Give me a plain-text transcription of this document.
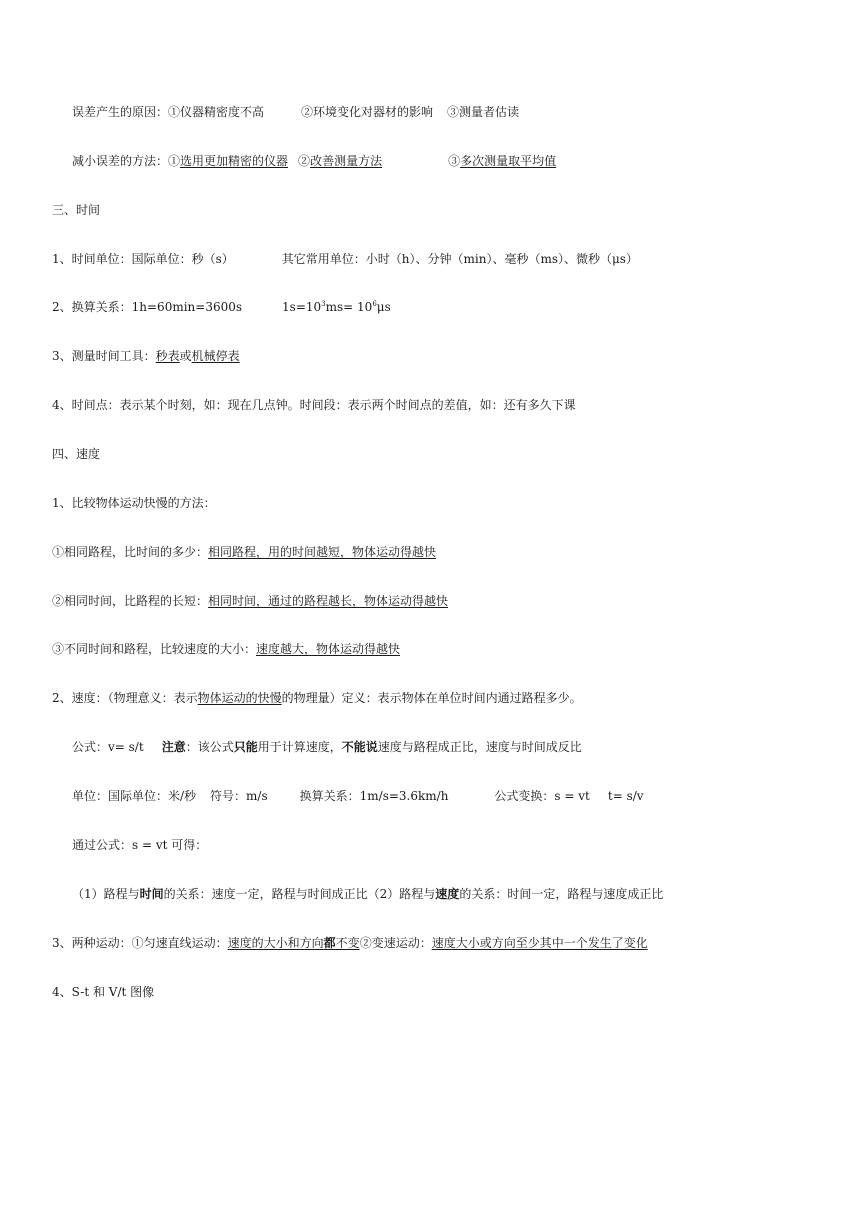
误差产生的原因：①仪器精密度不高	②环境变化对器材的影响 ③测量者估读
减小误差的方法：①选用更加精密的仪器 ②改善测量方法	③多次测量取平均值
三、时间
1、时间单位：国际单位：秒（s）	其它常用单位：小时（h）、分钟（min）、毫秒（ms）、微秒（μs）
2、换算关系：1h=60min=3600s	$1s=10^3ms= 10^6\mu s$
3、测量时间工具：秒表或机械停表
4、时间点：表示某个时刻，如：现在几点钟。时间段：表示两个时间点的差值，如：还有多久下课
四、速度
1、比较物体运动快慢的方法：
①相同路程，比时间的多少：相同路程，用的时间越短，物体运动得越快
②相同时间，比路程的长短：相同时间，通过的路程越长，物体运动得越快
③不同时间和路程，比较速度的大小：速度越大，物体运动得越快
2、速度：（物理意义：表示物体运动的快慢的物理量）定义：表示物体在单位时间内通过路程多少。
公式：v= s/t 注意：该公式只能用于计算速度，不能说速度与路程成正比，速度与时间成反比
单位：国际单位：米/秒 符号：m/s	换算关系：1m/s=3.6km/h	公式变换：s = vt t= s/v
通过公式：s = vt 可得：
（1）路程与时间的关系：速度一定，路程与时间成正比（2）路程与速度的关系：时间一定，路程与速度成正比
3、两种运动：①匀速直线运动：速度的大小和方向都不变②变速运动：速度大小或方向至少其中一个发生了变化
4、S-t 和 V/t 图像
